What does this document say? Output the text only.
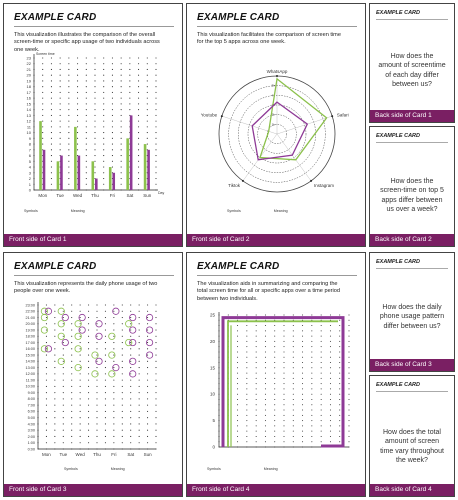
EXAMPLE CARD
This visualization illustrates the comparison of the overall screen-time or specific app usage of two individuals across one week.
Screen time
Day
0
1
2
3
4
5
6
7
8
9
10
11
12
13
14
15
16
17
18
19
20
21
22
23
Mon Tue Wed Thu Fri	Sat Sun
Symbols	Meaning
Front side of Card 1
EXAMPLE CARD
This visualization facilitates the comparison of screen time for the top 5 apps across one week.
1h
2h
3h
4h
5h
WhatsApp
Safari
Instagram
Tiktok
Youtube
Symbols	Meaning
Front side of Card 2
EXAMPLE CARD
How does the amount of screentime of each day differ between us?
Back side of Card 1
EXAMPLE CARD
How does the screen-time on top 5 apps differ between us over a week?
Back side of Card 2
EXAMPLE CARD
How does the daily phone usage pattern differ between us?
Back side of Card 3
EXAMPLE CARD
How does the total amount of screen time vary throughout the week?
Back side of Card 4
EXAMPLE CARD
This visualization represents the daily phone usage of two people over one week.
0:00
1:00
2:00
3:00
4:00
5:00
6:00
7:00
8:00
9:00
10:00
11:00
12:00
13:00
14:00
15:00
16:00
17:00
18:00
19:00
20:00
21:00
22:00
23:00
Mon Tue Wed Thu Fri Sat Sun
Symbols	Meaning
Front side of Card 3
EXAMPLE CARD
The visualization aids in summarizing and comparing the total screen time for all or specific apps over a time period between two individuals.
0
5
10
15
20
25
Symbols	Meaning
Front side of Card 4
